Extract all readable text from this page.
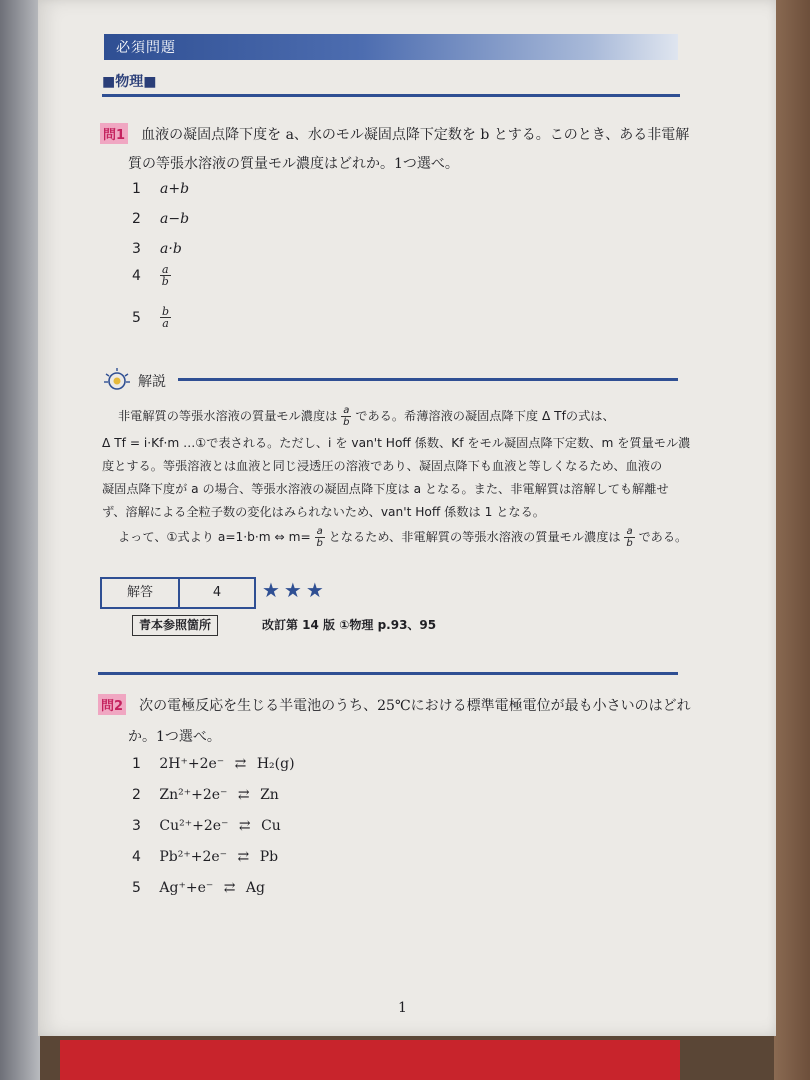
必須問題
■物理■
問1 血液の凝固点降下度を a、水のモル凝固点降下定数を b とする。このとき、ある非電解
質の等張水溶液の質量モル濃度はどれか。1つ選べ。
1 a+b
2 a−b
3 a·b
$4 \frac{a}{b}$
$5 \frac{b}{a}$
解説
非電解質の等張水溶液の質量モル濃度は $\frac{a}{b}$ である。希薄溶液の凝固点降下度 Δ Tfの式は、
Δ Tf = i·Kf·m …①で表される。ただし、i を van't Hoff 係数、Kf をモル凝固点降下定数、m を質量モル濃
度とする。等張溶液とは血液と同じ浸透圧の溶液であり、凝固点降下も血液と等しくなるため、血液の
凝固点降下度が a の場合、等張水溶液の凝固点降下度は a となる。また、非電解質は溶解しても解離せ
ず、溶解による全粒子数の変化はみられないため、van't Hoff 係数は 1 となる。
よって、①式より a=1·b·m ⇔ $m= \frac{a}{b}$ となるため、非電解質の等張水溶液の質量モル濃度は $\frac{a}{b}$ である。
解答	4	★★★
青本参照箇所	改訂第 14 版 ①物理 p.93、95
問2 次の電極反応を生じる半電池のうち、25℃における標準電極電位が最も小さいのはどれ
か。1つ選べ。
1 2H⁺+2e⁻ ⇄ H₂(g)
2 Zn²⁺+2e⁻ ⇄ Zn
3 Cu²⁺+2e⁻ ⇄ Cu
4 Pb²⁺+2e⁻ ⇄ Pb
5 Ag⁺+e⁻ ⇄ Ag
1
